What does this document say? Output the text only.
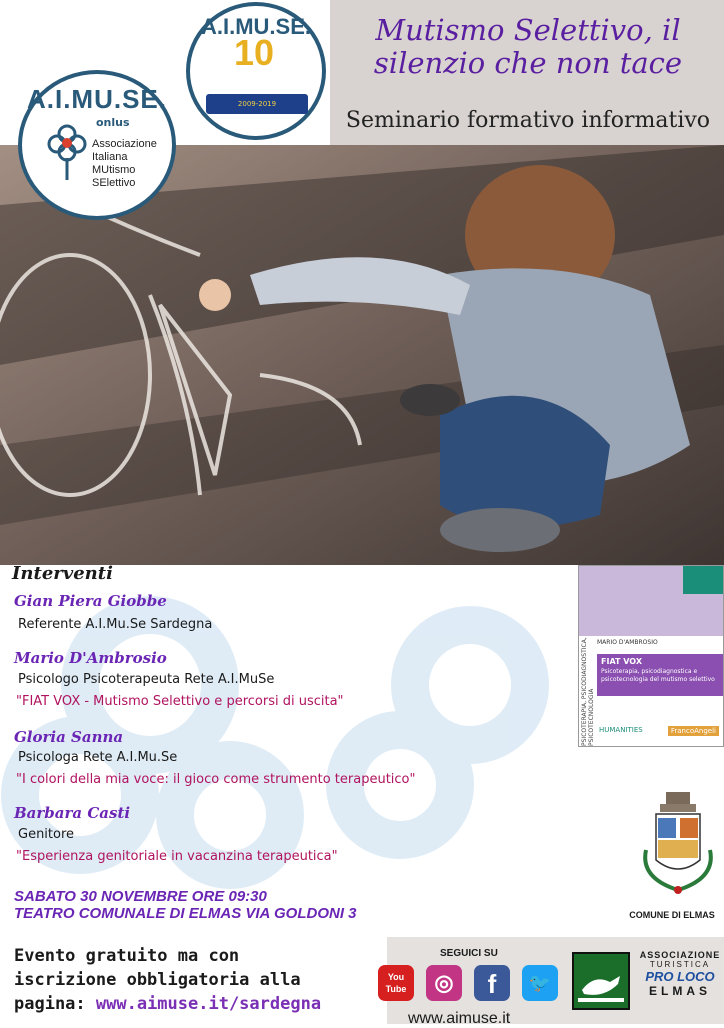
Mutismo Selettivo, il
silenzio che non tace
Seminario formativo informativo
A.I.MU.SE.
10
2009-2019
A.I.MU.SE.
onlus
Associazione
Italiana
MUtismo
SElettivo
Interventi
Gian Piera Giobbe
Referente A.I.Mu.Se Sardegna
Mario D'Ambrosio
Psicologo Psicoterapeuta Rete A.I.MuSe
"FIAT VOX - Mutismo Selettivo e percorsi di uscita"
Gloria Sanna
Psicologa Rete A.I.Mu.Se
"I colori della mia voce: il gioco come strumento terapeutico"
Barbara Casti
Genitore
"Esperienza genitoriale in vacanzina terapeutica"
PSICOTERAPIA, PSICODIAGNOSTICA, PSICOTECNOLOGIA
MARIO D'AMBROSIO
FIAT VOX
Psicoterapia, psicodiagnostica e psicotecnologia del mutismo selettivo
HUMANITIES	FrancoAngeli
COMUNE DI ELMAS
SABATO 30 NOVEMBRE ORE 09:30
TEATRO COMUNALE DI ELMAS VIA GOLDONI 3
Evento gratuito ma con
iscrizione obbligatoria alla
pagina: www.aimuse.it/sardegna
SEGUICI SU
You
Tube	◎	f	🐦
www.aimuse.it
ASSOCIAZIONE
TURISTICA
PRO LOCO
ELMAS
